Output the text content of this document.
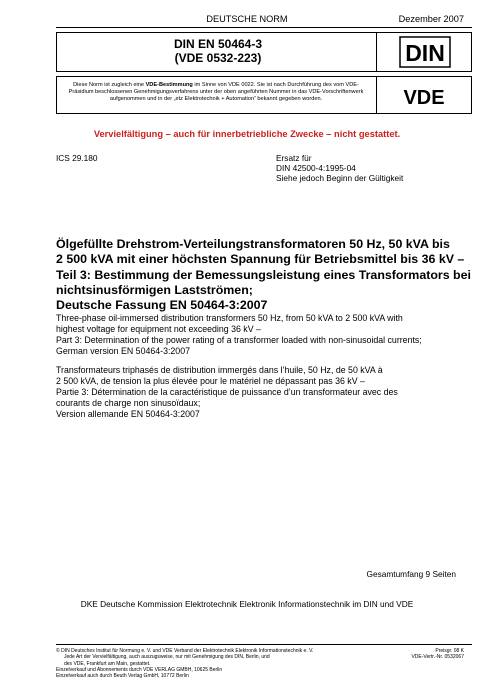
DEUTSCHE NORM	Dezember 2007
DIN EN 50464-3
(VDE 0532-223)	DIN
Diese Norm ist zugleich eine VDE-Bestimmung im Sinne von VDE 0022. Sie ist nach Durchführung des vom VDE-Präsidium beschlossenen Genehmigungsverfahrens unter der oben angeführten Nummer in das VDE-Vorschriftenwerk aufgenommen und in der „etz Elektrotechnik + Automation“ bekannt gegeben worden.	VDE
Vervielfältigung – auch für innerbetriebliche Zwecke – nicht gestattet.
ICS 29.180	Ersatz für
DIN 42500-4:1995-04
Siehe jedoch Beginn der Gültigkeit
Ölgefüllte Drehstrom-Verteilungstransformatoren 50 Hz, 50 kVA bis
2 500 kVA mit einer höchsten Spannung für Betriebsmittel bis 36 kV –
Teil 3: Bestimmung der Bemessungsleistung eines Transformators bei
nichtsinusförmigen Lastströmen;
Deutsche Fassung EN 50464-3:2007
Three-phase oil-immersed distribution transformers 50 Hz, from 50 kVA to 2 500 kVA with
highest voltage for equipment not exceeding 36 kV –
Part 3: Determination of the power rating of a transformer loaded with non-sinusoidal currents;
German version EN 50464-3:2007
Transformateurs triphasés de distribution immergés dans l’huile, 50 Hz, de 50 kVA à
2 500 kVA, de tension la plus élevée pour le matériel ne dépassant pas 36 kV –
Partie 3: Détermination de la caractéristique de puissance d’un transformateur avec des
courants de charge non sinusoïdaux;
Version allemande EN 50464-3:2007
Gesamtumfang 9 Seiten
DKE Deutsche Kommission Elektrotechnik Elektronik Informationstechnik im DIN und VDE
© DIN Deutsches Institut für Normung e. V. und VDE Verband der Elektrotechnik Elektronik Informationstechnik e. V.
Jede Art der Vervielfältigung, auch auszugsweise, nur mit Genehmigung des DIN, Berlin, und
des VDE, Frankfurt am Main, gestattet.
Einzelverkauf und Abonnements durch VDE VERLAG GMBH, 10625 Berlin
Einzelverkauf auch durch Beuth Verlag GmbH, 10772 Berlin
Preisgr. 08 K
VDE-Vertr.-Nr. 0532067
